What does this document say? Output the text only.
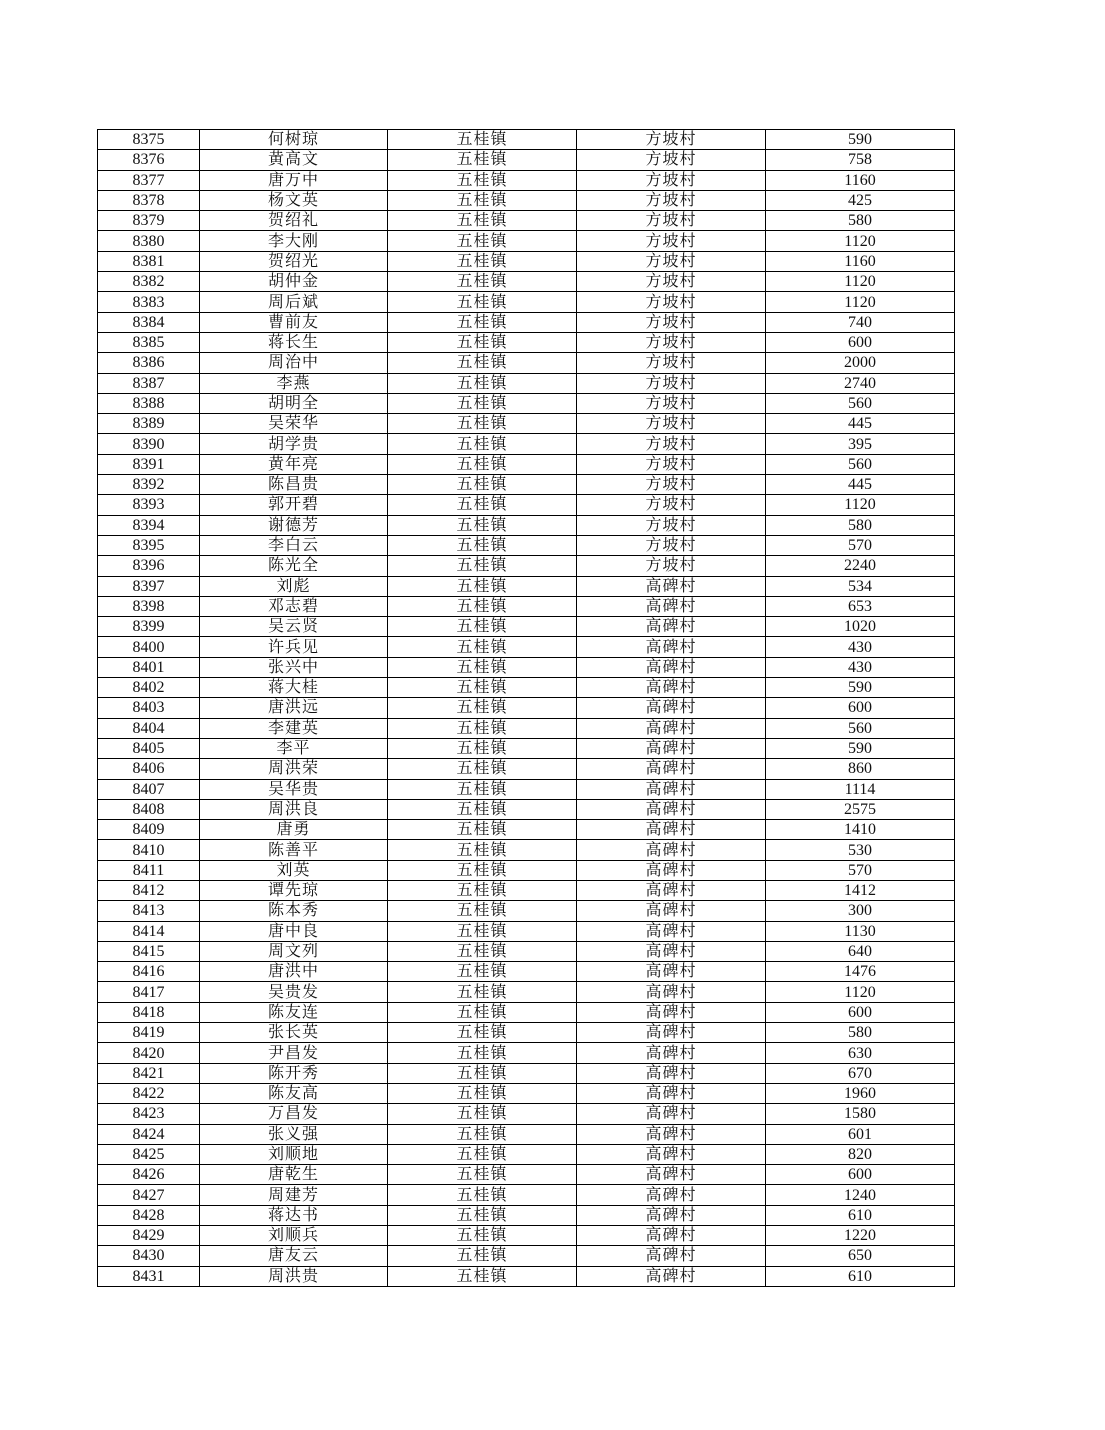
8375	何树琼	五桂镇	方坡村	590
8376	黄高文	五桂镇	方坡村	758
8377	唐万中	五桂镇	方坡村	1160
8378	杨文英	五桂镇	方坡村	425
8379	贺绍礼	五桂镇	方坡村	580
8380	李大刚	五桂镇	方坡村	1120
8381	贺绍光	五桂镇	方坡村	1160
8382	胡仲金	五桂镇	方坡村	1120
8383	周后斌	五桂镇	方坡村	1120
8384	曹前友	五桂镇	方坡村	740
8385	蒋长生	五桂镇	方坡村	600
8386	周治中	五桂镇	方坡村	2000
8387	李燕	五桂镇	方坡村	2740
8388	胡明全	五桂镇	方坡村	560
8389	吴荣华	五桂镇	方坡村	445
8390	胡学贵	五桂镇	方坡村	395
8391	黄年亮	五桂镇	方坡村	560
8392	陈昌贵	五桂镇	方坡村	445
8393	郭开碧	五桂镇	方坡村	1120
8394	谢德芳	五桂镇	方坡村	580
8395	李白云	五桂镇	方坡村	570
8396	陈光全	五桂镇	方坡村	2240
8397	刘彪	五桂镇	高碑村	534
8398	邓志碧	五桂镇	高碑村	653
8399	吴云贤	五桂镇	高碑村	1020
8400	许兵见	五桂镇	高碑村	430
8401	张兴中	五桂镇	高碑村	430
8402	蒋大桂	五桂镇	高碑村	590
8403	唐洪远	五桂镇	高碑村	600
8404	李建英	五桂镇	高碑村	560
8405	李平	五桂镇	高碑村	590
8406	周洪荣	五桂镇	高碑村	860
8407	吴华贵	五桂镇	高碑村	1114
8408	周洪良	五桂镇	高碑村	2575
8409	唐勇	五桂镇	高碑村	1410
8410	陈善平	五桂镇	高碑村	530
8411	刘英	五桂镇	高碑村	570
8412	谭先琼	五桂镇	高碑村	1412
8413	陈本秀	五桂镇	高碑村	300
8414	唐中良	五桂镇	高碑村	1130
8415	周文列	五桂镇	高碑村	640
8416	唐洪中	五桂镇	高碑村	1476
8417	吴贵发	五桂镇	高碑村	1120
8418	陈友连	五桂镇	高碑村	600
8419	张长英	五桂镇	高碑村	580
8420	尹昌发	五桂镇	高碑村	630
8421	陈开秀	五桂镇	高碑村	670
8422	陈友高	五桂镇	高碑村	1960
8423	万昌发	五桂镇	高碑村	1580
8424	张义强	五桂镇	高碑村	601
8425	刘顺地	五桂镇	高碑村	820
8426	唐乾生	五桂镇	高碑村	600
8427	周建芳	五桂镇	高碑村	1240
8428	蒋达书	五桂镇	高碑村	610
8429	刘顺兵	五桂镇	高碑村	1220
8430	唐友云	五桂镇	高碑村	650
8431	周洪贵	五桂镇	高碑村	610
